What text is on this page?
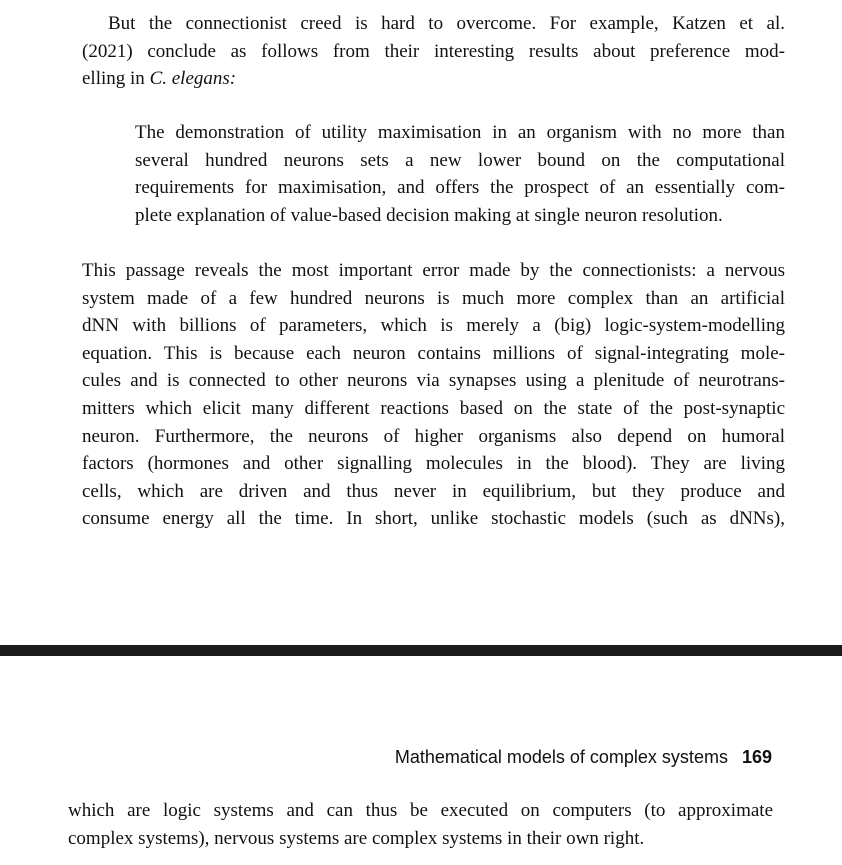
But the connectionist creed is hard to overcome. For example, Katzen et al.
(2021) conclude as follows from their interesting results about preference mod-
elling in C. elegans:

The demonstration of utility maximisation in an organism with no more than
several hundred neurons sets a new lower bound on the computational
requirements for maximisation, and offers the prospect of an essentially com-
plete explanation of value-based decision making at single neuron resolution.

This passage reveals the most important error made by the connectionists: a nervous
system made of a few hundred neurons is much more complex than an artificial
dNN with billions of parameters, which is merely a (big) logic-system-modelling
equation. This is because each neuron contains millions of signal-integrating mole-
cules and is connected to other neurons via synapses using a plenitude of neurotrans-
mitters which elicit many different reactions based on the state of the post-synaptic
neuron. Furthermore, the neurons of higher organisms also depend on humoral
factors (hormones and other signalling molecules in the blood). They are living
cells, which are driven and thus never in equilibrium, but they produce and
consume energy all the time. In short, unlike stochastic models (such as dNNs),

Mathematical models of complex systems 169

which are logic systems and can thus be executed on computers (to approximate
complex systems), nervous systems are complex systems in their own right.
